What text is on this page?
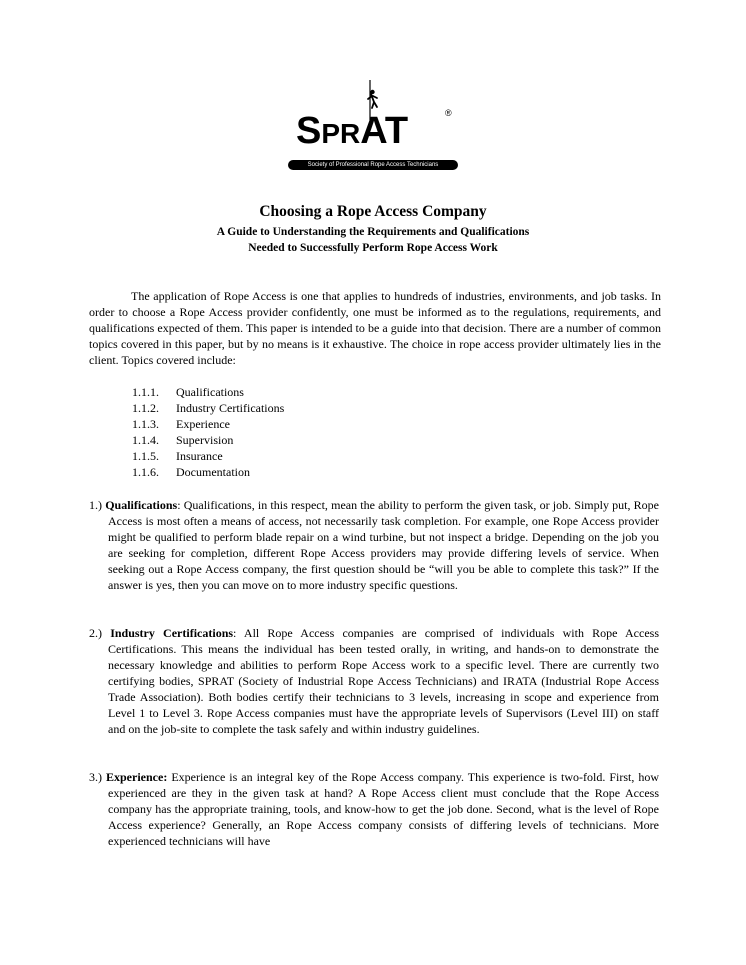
SPRAT	®
Society of Professional Rope Access Technicians
Choosing a Rope Access Company
A Guide to Understanding the Requirements and Qualifications
Needed to Successfully Perform Rope Access Work
The application of Rope Access is one that applies to hundreds of industries, environments, and job tasks. In order to choose a Rope Access provider confidently, one must be informed as to the regulations, requirements, and qualifications expected of them. This paper is intended to be a guide into that decision. There are a number of common topics covered in this paper, but by no means is it exhaustive. The choice in rope access provider ultimately lies in the client. Topics covered include:
1.1.1. Qualifications
1.1.2. Industry Certifications
1.1.3. Experience
1.1.4. Supervision
1.1.5. Insurance
1.1.6. Documentation

1.) Qualifications: Qualifications, in this respect, mean the ability to perform the given task, or job. Simply put, Rope Access is most often a means of access, not necessarily task completion. For example, one Rope Access provider might be qualified to perform blade repair on a wind turbine, but not inspect a bridge. Depending on the job you are seeking for completion, different Rope Access providers may provide differing levels of service. When seeking out a Rope Access company, the first question should be “will you be able to complete this task?” If the answer is yes, then you can move on to more industry specific questions.

2.) Industry Certifications: All Rope Access companies are comprised of individuals with Rope Access Certifications. This means the individual has been tested orally, in writing, and hands-on to demonstrate the necessary knowledge and abilities to perform Rope Access work to a specific level. There are currently two certifying bodies, SPRAT (Society of Industrial Rope Access Technicians) and IRATA (Industrial Rope Access Trade Association). Both bodies certify their technicians to 3 levels, increasing in scope and experience from Level 1 to Level 3. Rope Access companies must have the appropriate levels of Supervisors (Level III) on staff and on the job-site to complete the task safely and within industry guidelines.

3.) Experience: Experience is an integral key of the Rope Access company. This experience is two-fold. First, how experienced are they in the given task at hand? A Rope Access client must conclude that the Rope Access company has the appropriate training, tools, and know-how to get the job done. Second, what is the level of Rope Access experience? Generally, an Rope Access company consists of differing levels of technicians. More experienced technicians will have
